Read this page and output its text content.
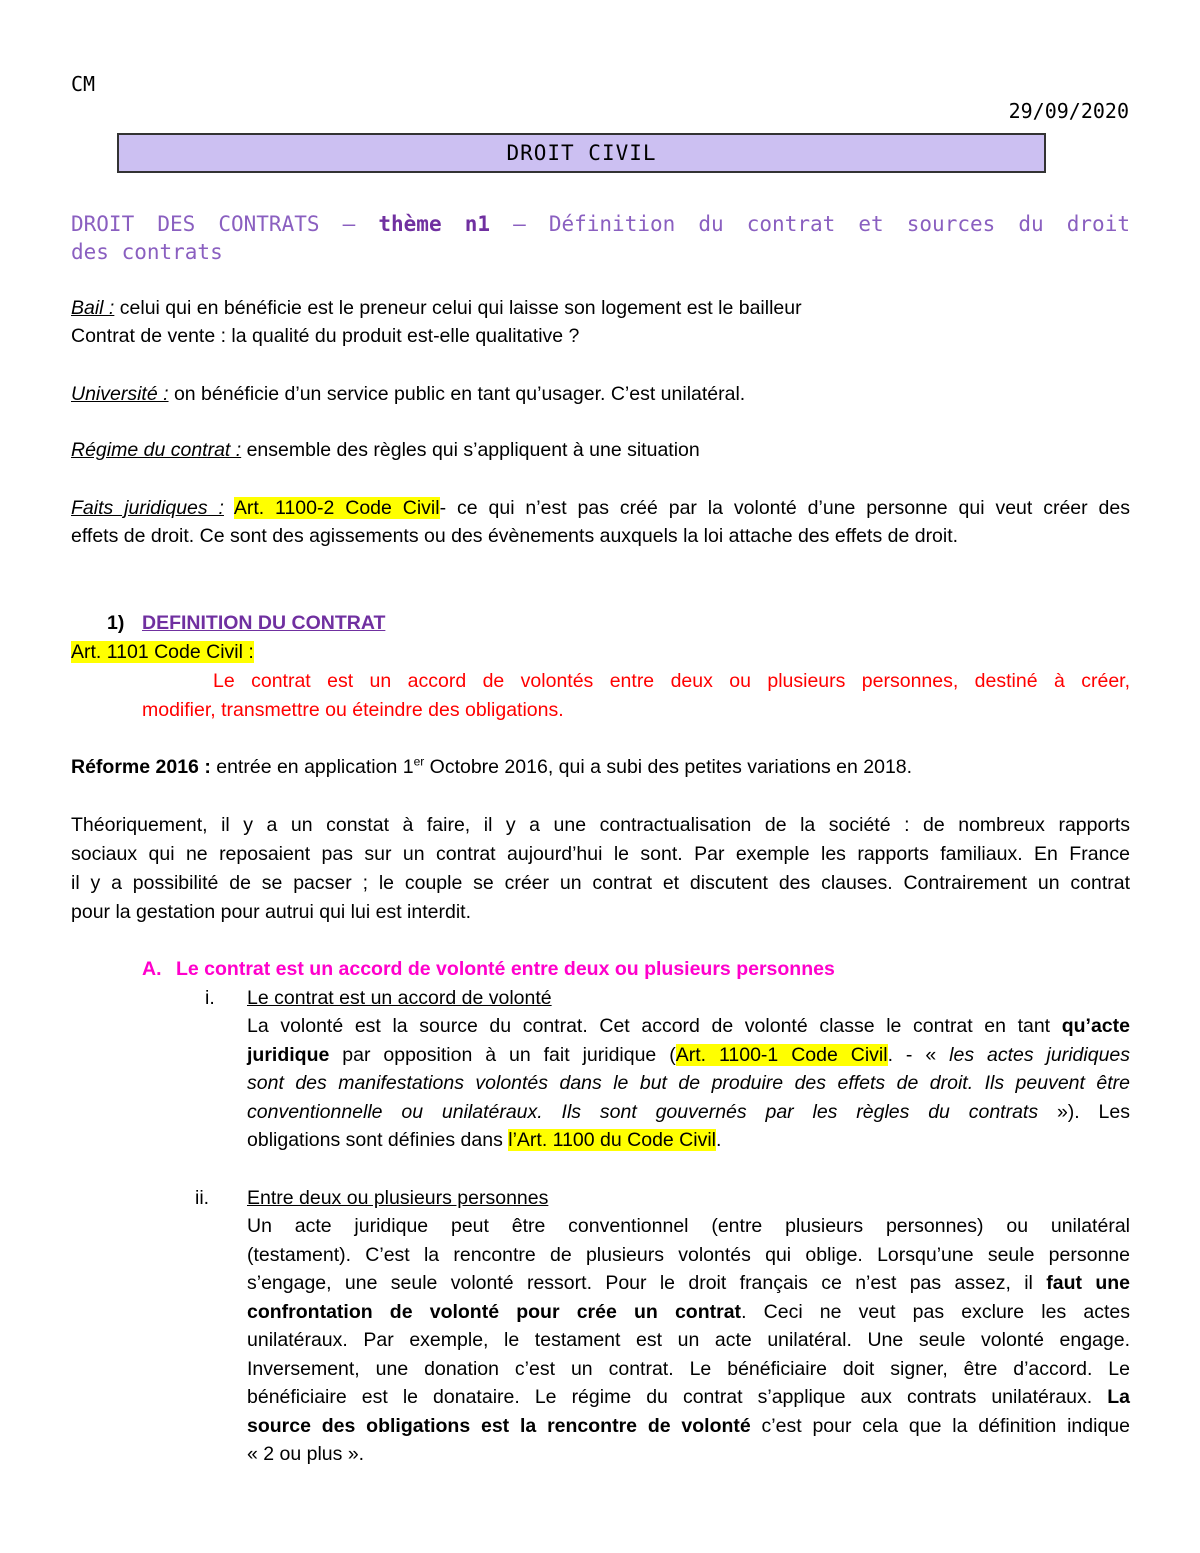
CM
29/09/2020
DROIT CIVIL
DROIT DES CONTRATS – thème n1 – Définition du contrat et sources du droit
des contrats
Bail : celui qui en bénéficie est le preneur celui qui laisse son logement est le bailleur
Contrat de vente : la qualité du produit est-elle qualitative ?
Université : on bénéficie d’un service public en tant qu’usager. C’est unilatéral.
Régime du contrat : ensemble des règles qui s’appliquent à une situation
Faits juridiques : Art. 1100-2 Code Civil- ce qui n’est pas créé par la volonté d’une personne qui veut créer des
effets de droit. Ce sont des agissements ou des évènements auxquels la loi attache des effets de droit.
1) DEFINITION DU CONTRAT
Art. 1101 Code Civil :
Le contrat est un accord de volontés entre deux ou plusieurs personnes, destiné à créer,
modifier, transmettre ou éteindre des obligations.
Réforme 2016 : entrée en application 1er Octobre 2016, qui a subi des petites variations en 2018.
Théoriquement, il y a un constat à faire, il y a une contractualisation de la société : de nombreux rapports
sociaux qui ne reposaient pas sur un contrat aujourd’hui le sont. Par exemple les rapports familiaux. En France
il y a possibilité de se pacser ; le couple se créer un contrat et discutent des clauses. Contrairement un contrat
pour la gestation pour autrui qui lui est interdit.
A. Le contrat est un accord de volonté entre deux ou plusieurs personnes
i. Le contrat est un accord de volonté
La volonté est la source du contrat. Cet accord de volonté classe le contrat en tant qu’acte
juridique par opposition à un fait juridique (Art. 1100-1 Code Civil. - « les actes juridiques
sont des manifestations volontés dans le but de produire des effets de droit. Ils peuvent être
conventionnelle ou unilatéraux. Ils sont gouvernés par les règles du contrats »). Les
obligations sont définies dans l’Art. 1100 du Code Civil.
ii. Entre deux ou plusieurs personnes
Un acte juridique peut être conventionnel (entre plusieurs personnes) ou unilatéral
(testament). C’est la rencontre de plusieurs volontés qui oblige. Lorsqu’une seule personne
s’engage, une seule volonté ressort. Pour le droit français ce n’est pas assez, il faut une
confrontation de volonté pour crée un contrat. Ceci ne veut pas exclure les actes
unilatéraux. Par exemple, le testament est un acte unilatéral. Une seule volonté engage.
Inversement, une donation c’est un contrat. Le bénéficiaire doit signer, être d’accord. Le
bénéficiaire est le donataire. Le régime du contrat s’applique aux contrats unilatéraux. La
source des obligations est la rencontre de volonté c’est pour cela que la définition indique
« 2 ou plus ».
